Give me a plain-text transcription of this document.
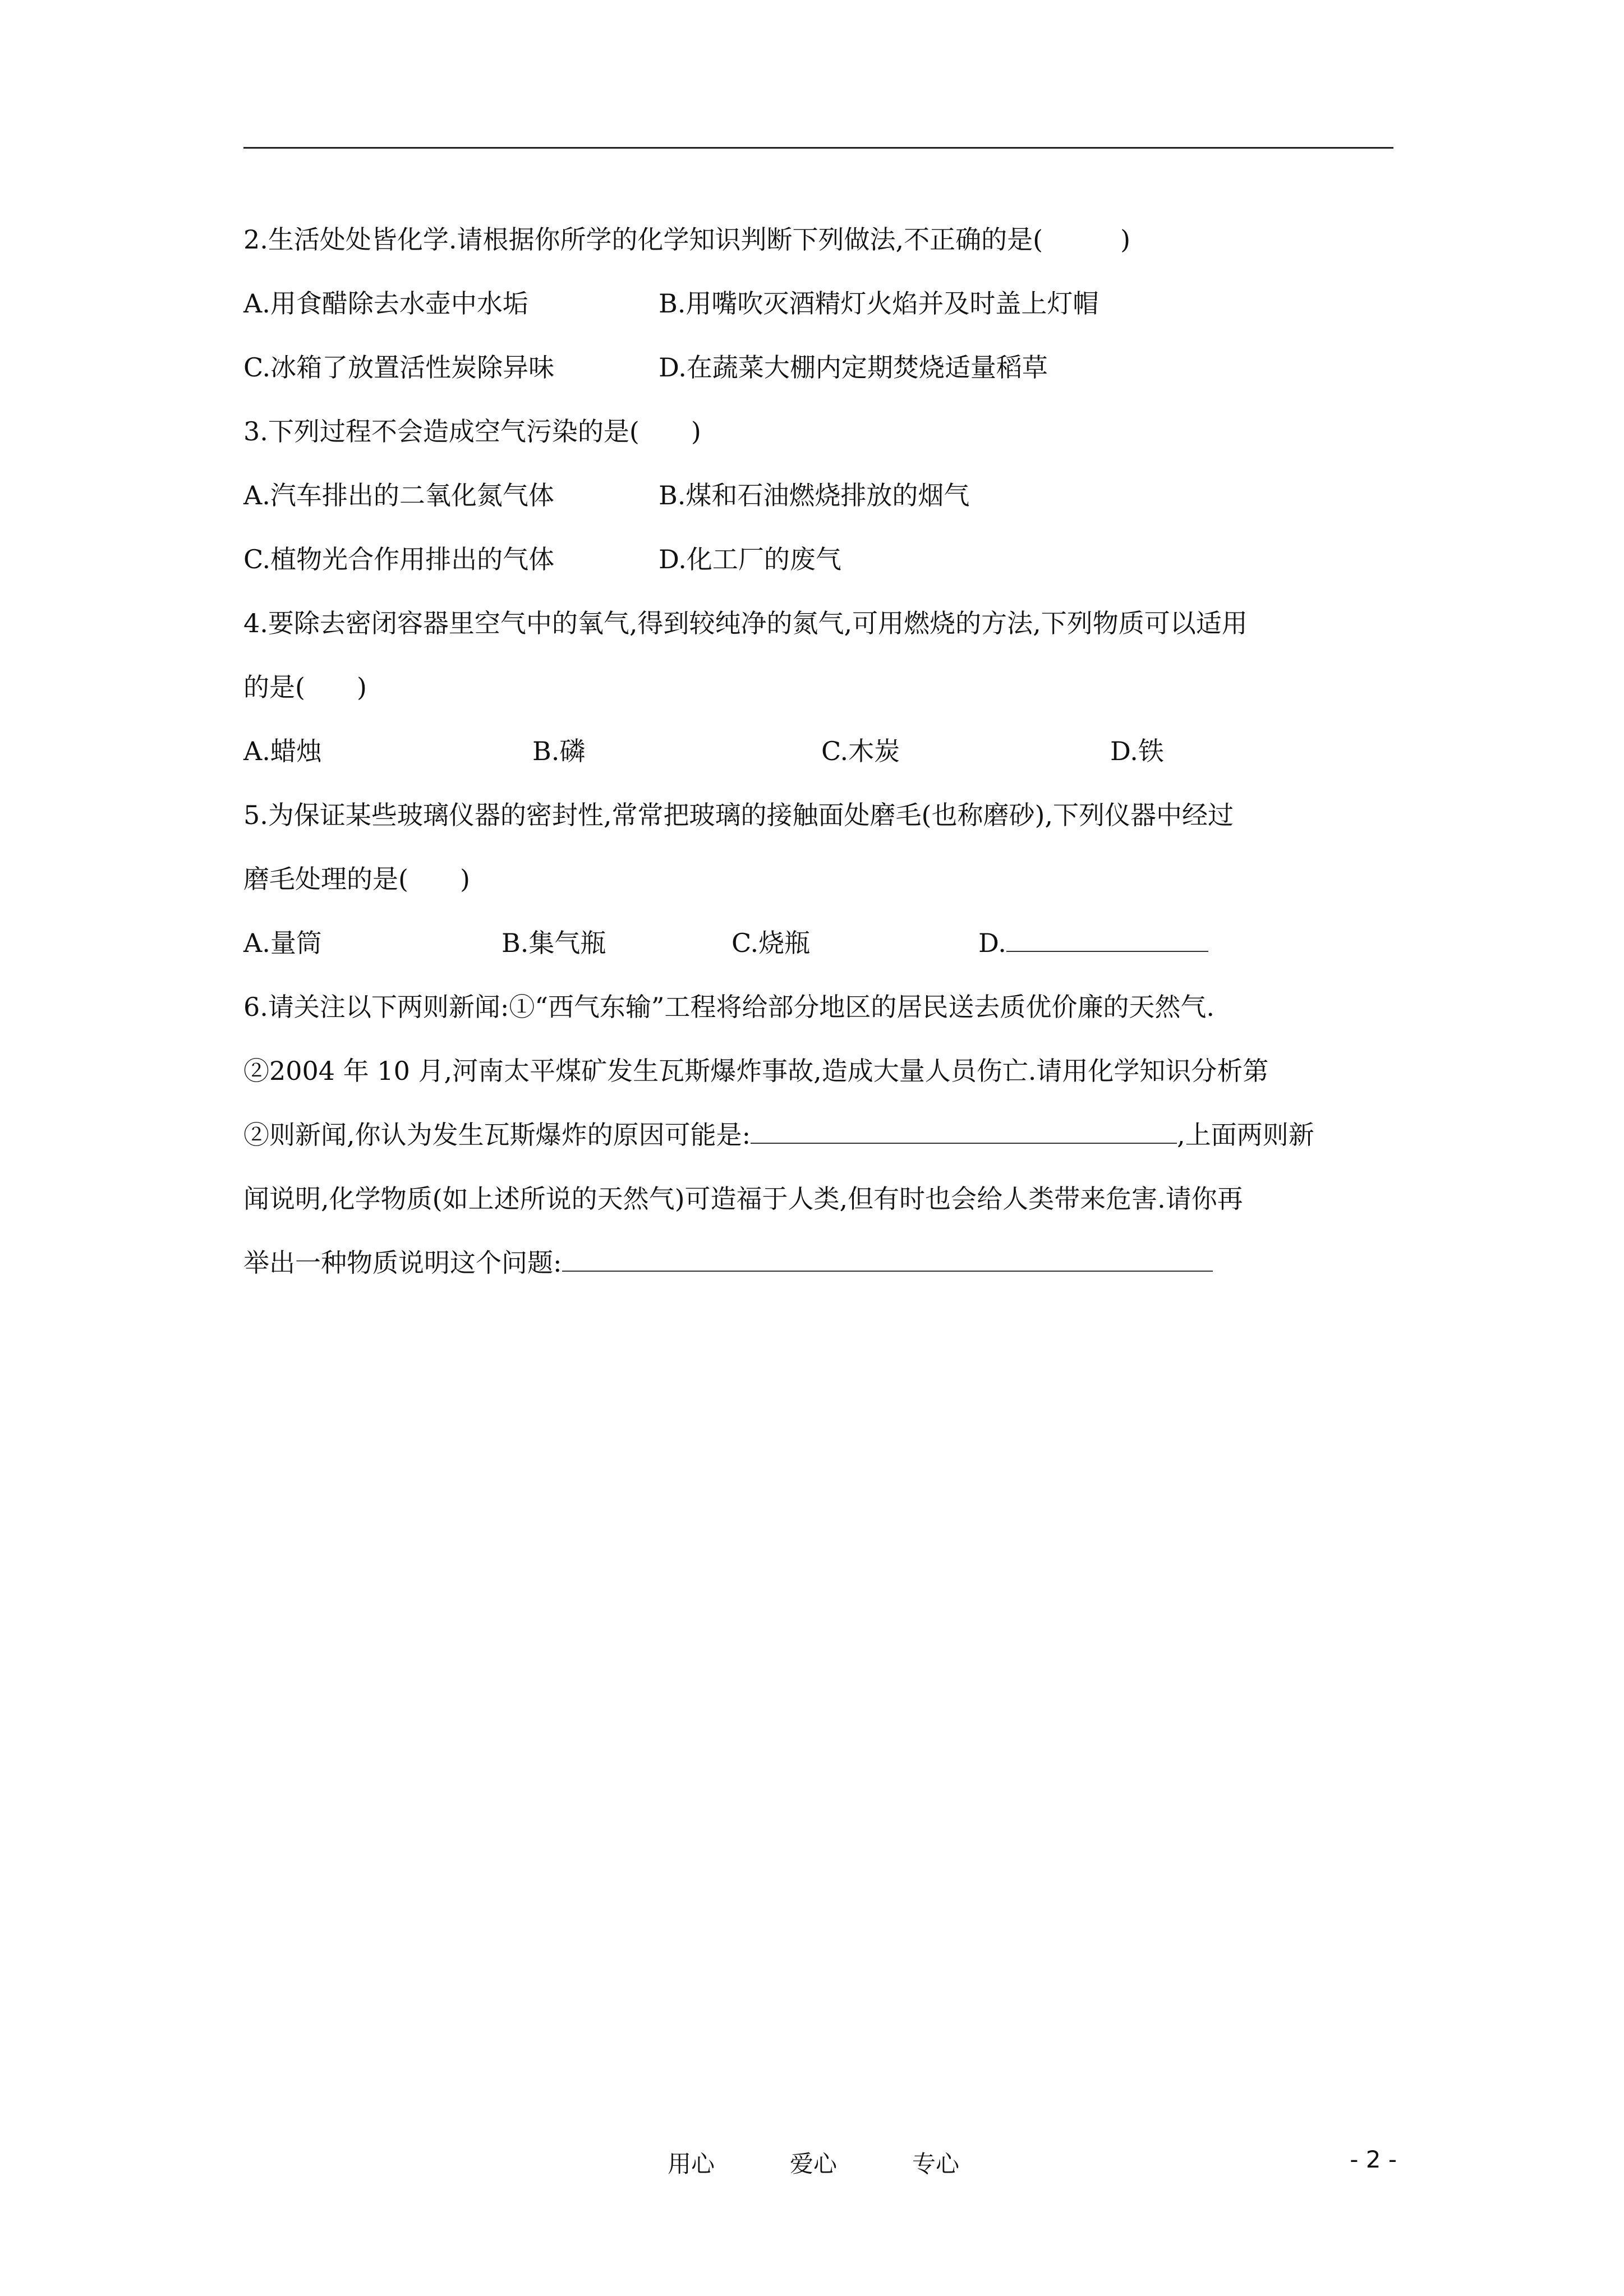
2.生活处处皆化学.请根据你所学的化学知识判断下列做法,不正确的是(　　　)
A.用食醋除去水壶中水垢	B.用嘴吹灭酒精灯火焰并及时盖上灯帽
C.冰箱了放置活性炭除异味	D.在蔬菜大棚内定期焚烧适量稻草
3.下列过程不会造成空气污染的是(　　)
A.汽车排出的二氧化氮气体	B.煤和石油燃烧排放的烟气
C.植物光合作用排出的气体	D.化工厂的废气
4.要除去密闭容器里空气中的氧气,得到较纯净的氮气,可用燃烧的方法,下列物质可以适用
的是(　　)
A.蜡烛	B.磷	C.木炭	D.铁
5.为保证某些玻璃仪器的密封性,常常把玻璃的接触面处磨毛(也称磨砂),下列仪器中经过
磨毛处理的是(　　)
A.量筒	B.集气瓶	C.烧瓶	D.
6.请关注以下两则新闻:①“西气东输”工程将给部分地区的居民送去质优价廉的天然气.
②2004 年 10 月,河南太平煤矿发生瓦斯爆炸事故,造成大量人员伤亡.请用化学知识分析第
②则新闻,你认为发生瓦斯爆炸的原因可能是:	,上面两则新
闻说明,化学物质(如上述所说的天然气)可造福于人类,但有时也会给人类带来危害.请你再
举出一种物质说明这个问题:
用心	爱心	专心	- 2 -
